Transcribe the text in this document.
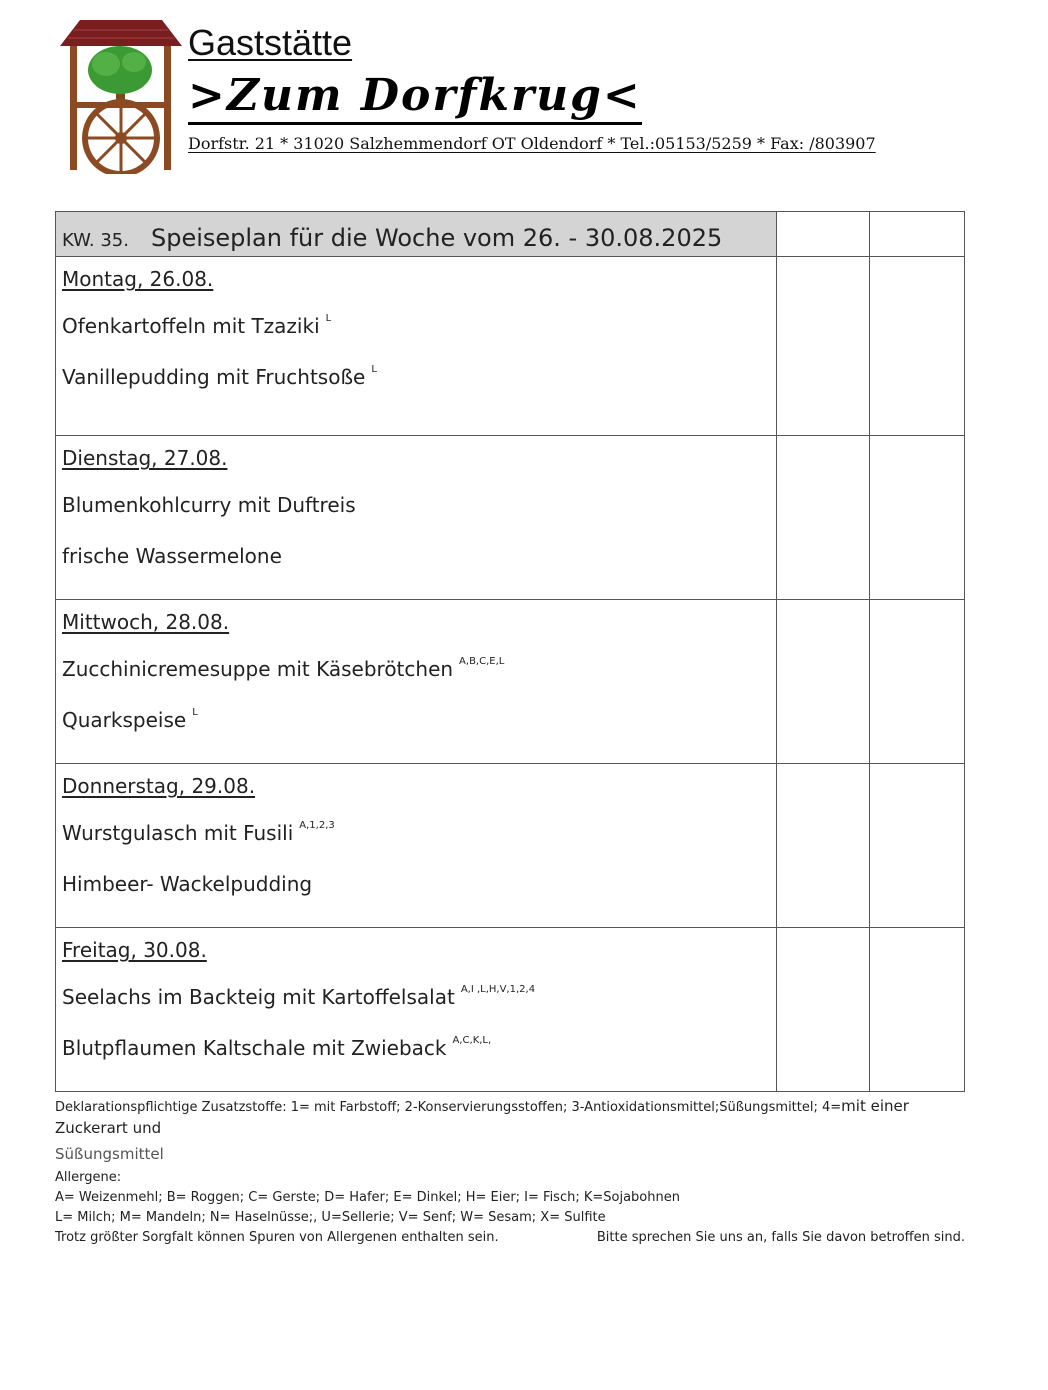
Gaststätte
>Zum Dorfkrug<
Dorfstr. 21 * 31020 Salzhemmendorf OT Oldendorf * Tel.:05153/5259 * Fax: /803907
KW. 35. Speiseplan für die Woche vom 26. - 30.08.2025		

Montag, 26.08.
Ofenkartoffeln mit Tzaziki $^L$
Vanillepudding mit Fruchtsoße $^L$

Dienstag, 27.08.
Blumenkohlcurry mit Duftreis
frische Wassermelone		

Mittwoch, 28.08.
Zucchinicremesuppe mit Käsebrötchen $^{A,B,C,E,L}$
Quarkspeise $^L$

Donnerstag, 29.08.
Wurstgulasch mit Fusili $^{A,1,2,3}$
Himbeer- Wackelpudding		

Freitag, 30.08.
Seelachs im Backteig mit Kartoffelsalat $^{A,I ,L,H,V,1,2,4}$
Blutpflaumen Kaltschale mit Zwieback $^{A,C,K,L,}$

Deklarationspflichtige Zusatzstoffe: 1= mit Farbstoff; 2-Konservierungsstoffen; 3-Antioxidationsmittel;Süßungsmittel; 4=mit einer Zuckerart und
Süßungsmittel
Allergene:
A= Weizenmehl; B= Roggen; C= Gerste; D= Hafer; E= Dinkel; H= Eier; I= Fisch; K=Sojabohnen
L= Milch; M= Mandeln; N= Haselnüsse;, U=Sellerie; V= Senf; W= Sesam; X= Sulfite
Trotz größter Sorgfalt können Spuren von Allergenen enthalten sein.	Bitte sprechen Sie uns an, falls Sie davon betroffen sind.
